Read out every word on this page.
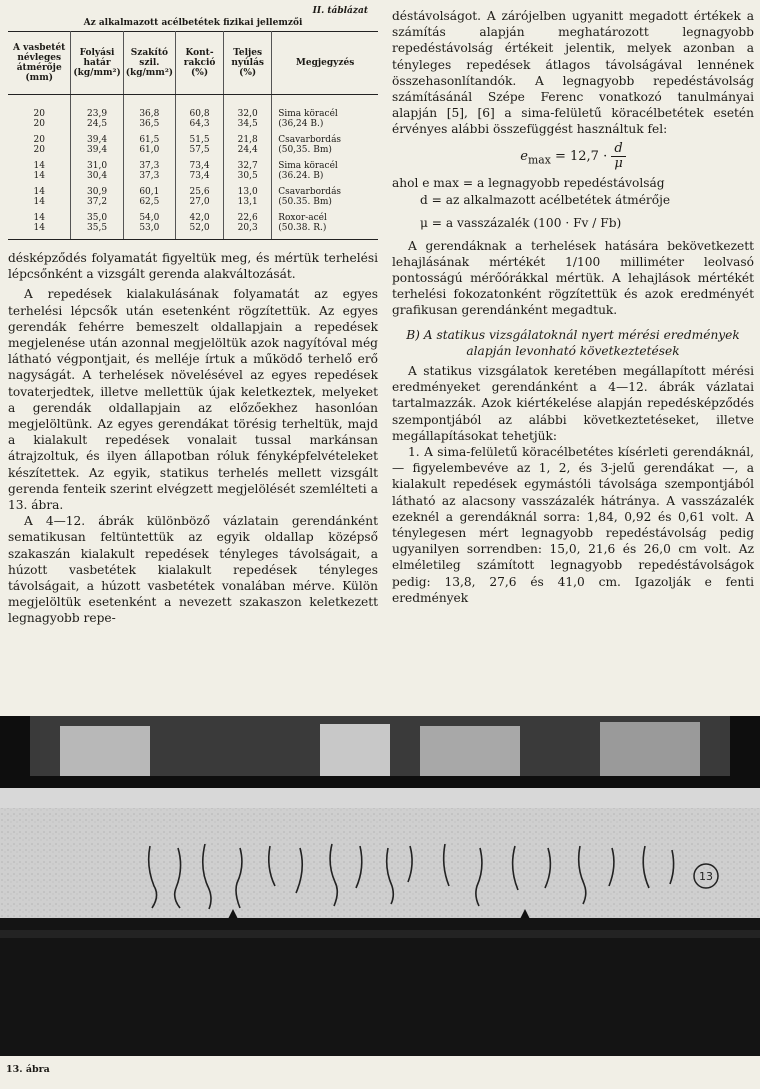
II. táblázat
Az alkalmazott acélbetétek fizikai jellemzői
A vasbetét névleges átmérője (mm)	Folyási határ (kg/mm²)	Szakító szil. (kg/mm²)	Kont-rakció (%)	Teljes nyúlás (%)	Megjegyzés
20	23,9	36,8	60,8	32,0	Sima köracél
20	24,5	36,5	64,3	34,5	(36,24 B.)
20	39,4	61,5	51,5	21,8	Csavarbordás
20	39,4	61,0	57,5	24,4	(50,35. Bm)
14	31,0	37,3	73,4	32,7	Sima köracél
14	30,4	37,3	73,4	30,5	(36.24. B)
14	30,9	60,1	25,6	13,0	Csavarbordás
14	37,2	62,5	27,0	13,1	(50.35. Bm)
14	35,0	54,0	42,0	22,6	Roxor-acél
14	35,5	53,0	52,0	20,3	(50.38. R.)

désképződés folyamatát figyeltük meg, és mértük terhelési lépcsőnként a vizsgált gerenda alakváltozását.

A repedések kialakulásának folyamatát az egyes terhelési lépcsők után esetenként rögzítettük. Az egyes gerendák fehérre bemeszelt oldallapjain a repedések megjelenése után azonnal megjelöltük azok nagyítóval még látható végpontjait, és melléje írtuk a működő terhelő erő nagyságát. A terhelések növelésével az egyes repedések tovaterjedtek, illetve mellettük újak keletkeztek, melyeket a gerendák oldallapjain az előzőekhez hasonlóan megjelöltünk. Az egyes gerendákat törésig terheltük, majd a kialakult repedések vonalait tussal markánsan átrajzoltuk, és ilyen állapotban róluk fényképfelvételeket készítettek. Az egyik, statikus terhelés mellett vizsgált gerenda fenteik szerint elvégzett megjelölését szemlélteti a 13. ábra.

A 4—12. ábrák különböző vázlatain gerendánként sematikusan feltüntettük az egyik oldallap középső szakaszán kialakult repedések tényleges távolságait, a húzott vasbetétek kialakult repedések tényleges távolságait, a húzott vasbetétek vonalában mérve. Külön megjelöltük esetenként a nevezett szakaszon keletkezett legnagyobb repe-

déstávolságot. A zárójelben ugyanitt megadott értékek a számítás alapján meghatározott legnagyobb repedéstávolság értékeit jelentik, melyek azonban a tényleges repedések átlagos távolságával lennének összehasonlítandók. A legnagyobb repedéstávolság számításánál Szépe Ferenc vonatkozó tanulmányai alapján [5], [6] a sima-felületű köracélbetétek esetén érvényes alábbi összefüggést használtuk fel:

$e_{max} = 12,7 \cdot \frac{d}{\mu}$
ahol e max = a legnagyobb repedéstávolság
d = az alkalmazott acélbetétek átmérője
μ = a vasszázalék (100 · Fv / Fb)

A gerendáknak a terhelések hatására bekövetkezett lehajlásának mértékét 1/100 milliméter leolvasó pontosságú mérőórákkal mértük. A lehajlások mértékét terhelési fokozatonként rögzítettük és azok eredményét grafikusan gerendánként megadtuk.

B) A statikus vizsgálatoknál nyert mérési eredmények alapján levonható következtetések

A statikus vizsgálatok keretében megállapított mérési eredményeket gerendánként a 4—12. ábrák vázlatai tartalmazzák. Azok kiértékelése alapján repedésképződés szempontjából az alábbi következtetéseket, illetve megállapításokat tehetjük:

1. A sima-felületű köracélbetétes kísérleti gerendáknál, — figyelembevéve az 1, 2, és 3-jelű gerendákat —, a kialakult repedések egymástóli távolsága szempontjából látható az alacsony vasszázalék hátránya. A vasszázalék ezeknél a gerendáknál sorra: 1,84, 0,92 és 0,61 volt. A ténylegesen mért legnagyobb repedéstávolság pedig ugyanilyen sorrendben: 15,0, 21,6 és 26,0 cm volt. Az elméletileg számított legnagyobb repedéstávolságok pedig: 13,8, 27,6 és 41,0 cm. Igazolják e fenti eredmények

13
13. ábra
